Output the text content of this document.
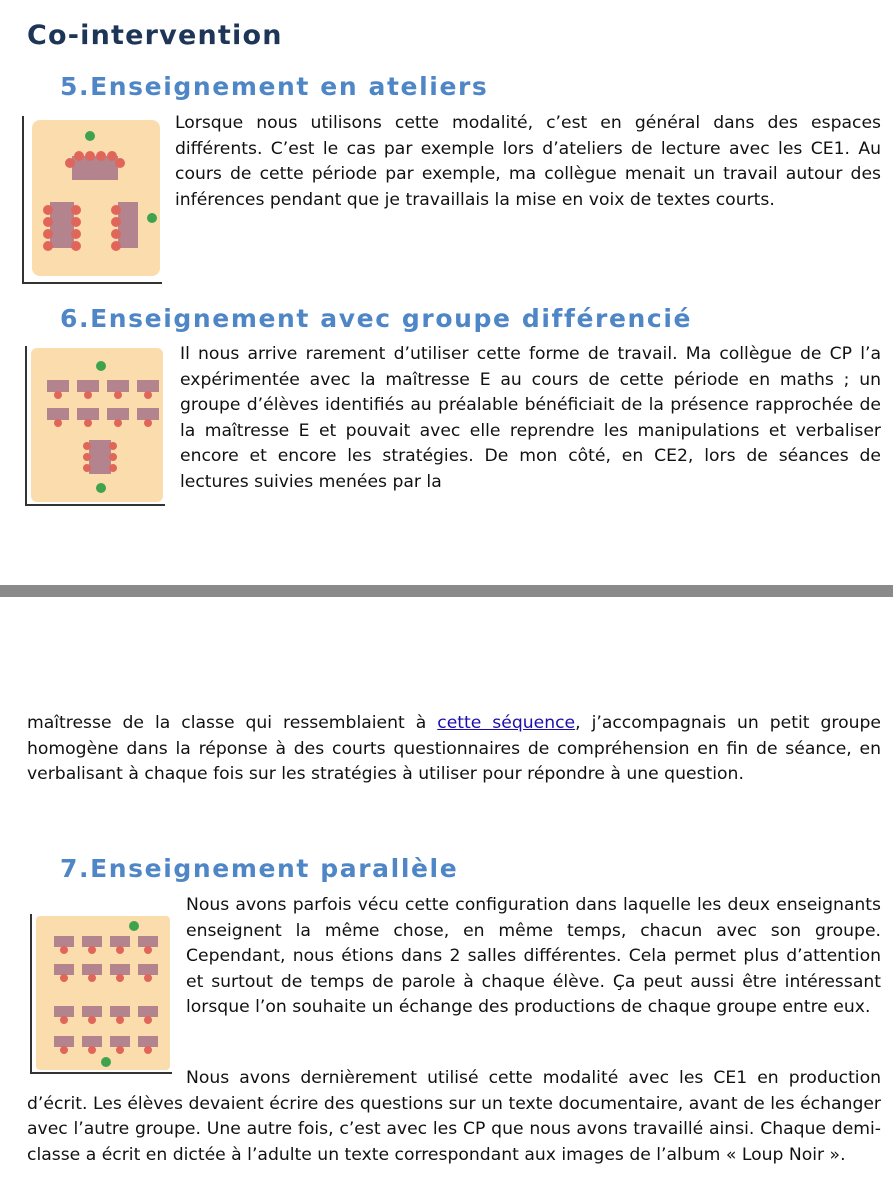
Co-intervention
5.Enseignement en ateliers
Lorsque nous utilisons cette modalité, c’est en général dans des espaces différents. C’est le cas par exemple lors d’ateliers de lecture avec les CE1. Au cours de cette période par exemple, ma collègue menait un travail autour des inférences pendant que je travaillais la mise en voix de textes courts.
6.Enseignement avec groupe différencié
Il nous arrive rarement d’utiliser cette forme de travail. Ma collègue de CP l’a expérimentée avec la maîtresse E au cours de cette période en maths ; un groupe d’élèves identifiés au préalable bénéficiait de la présence rapprochée de la maîtresse E et pouvait avec elle reprendre les manipulations et verbaliser encore et encore les stratégies. De mon côté, en CE2, lors de séances de lectures suivies menées par la
maîtresse de la classe qui ressemblaient à cette séquence, j’accompagnais un petit groupe homogène dans la réponse à des courts questionnaires de compréhension en fin de séance, en verbalisant à chaque fois sur les stratégies à utiliser pour répondre à une question.
7.Enseignement parallèle
Nous avons parfois vécu cette configuration dans laquelle les deux enseignants enseignent la même chose, en même temps, chacun avec son groupe. Cependant, nous étions dans 2 salles différentes. Cela permet plus d’attention et surtout de temps de parole à chaque élève. Ça peut aussi être intéressant lorsque l’on souhaite un échange des productions de chaque groupe entre eux.
Nous avons dernièrement utilisé cette modalité avec les CE1 en production d’écrit. Les élèves devaient écrire des questions sur un texte documentaire, avant de les échanger avec l’autre groupe. Une autre fois, c’est avec les CP que nous avons travaillé ainsi. Chaque demi-classe a écrit en dictée à l’adulte un texte correspondant aux images de l’album « Loup Noir ».
